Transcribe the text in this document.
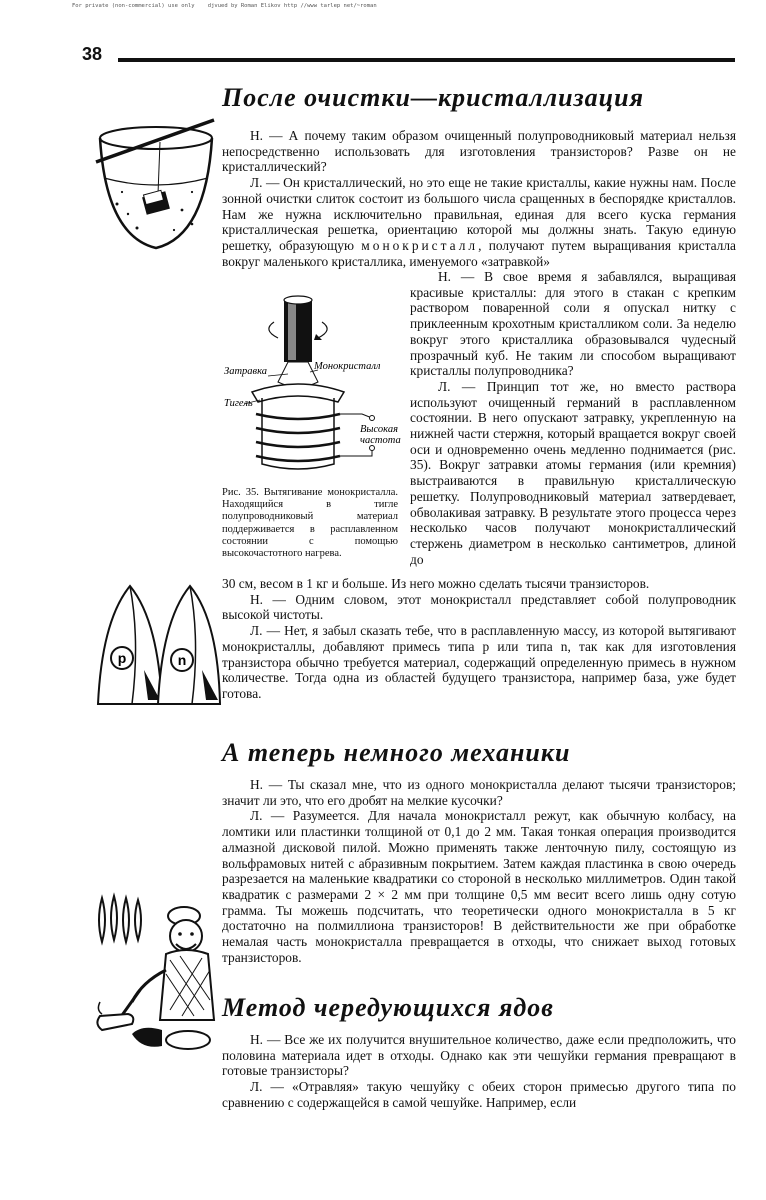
For private (non-commercial) use only    djvued by Roman Elikov http //www tarlep net/~roman
38
После очистки—кристаллизация

Н. — А почему таким образом очищенный полупроводниковый материал нельзя непосредственно использовать для изготовления транзисторов? Разве он не кристаллический?

Л. — Он кристаллический, но это еще не такие кристаллы, какие нужны нам. После зонной очистки слиток состоит из большого числа сращенных в беспорядке кристаллов. Нам же нужна исключительно правильная, единая для всего куска германия кристаллическая решетка, ориентацию которой мы должны знать. Такую единую решетку, образующую монокристалл, получают путем выращивания кристалла вокруг маленького кристаллика, именуемого «затравкой»

Затравка	Монокристалл
Тигель
Высокая
частота
Рис. 35. Вытягивание монокристалла. Находящийся в тигле полупроводниковый материал поддерживается в расплавленном состоянии с помощью высокочастотного нагрева.

Н. — В свое время я забавлялся, выращивая красивые кристаллы: для этого в стакан с крепким раствором поваренной соли я опускал нитку с приклеенным крохотным кристалликом соли. За неделю вокруг этого кристаллика образовывался чудесный прозрачный куб. Не таким ли способом выращивают кристаллы полупроводника?

Л. — Принцип тот же, но вместо раствора используют очищенный германий в расплавленном состоянии. В него опускают затравку, укрепленную на нижней части стержня, который вращается вокруг своей оси и одновременно очень медленно поднимается (рис. 35). Вокруг затравки атомы германия (или кремния) выстраиваются в правильную кристаллическую решетку. Полупроводниковый материал затвердевает, обволакивая затравку. В результате этого процесса через несколько часов получают монокристаллический стержень диаметром в несколько сантиметров, длиной до

p	n

30 см, весом в 1 кг и больше. Из него можно сделать тысячи транзисторов.

Н. — Одним словом, этот монокристалл представляет собой полупроводник высокой чистоты.

Л. — Нет, я забыл сказать тебе, что в расплавленную массу, из которой вытягивают монокристаллы, добавляют примесь типа p или типа n, так как для изготовления транзистора обычно требуется материал, содержащий определенную примесь в нужном количестве. Тогда одна из областей будущего транзистора, например база, уже будет готова.

А теперь немного механики

Н. — Ты сказал мне, что из одного монокристалла делают тысячи транзисторов; значит ли это, что его дробят на мелкие кусочки?

Л. — Разумеется. Для начала монокристалл режут, как обычную колбасу, на ломтики или пластинки толщиной от 0,1 до 2 мм. Такая тонкая операция производится алмазной дисковой пилой. Можно применять также ленточную пилу, состоящую из вольфрамовых нитей с абразивным покрытием. Затем каждая пластинка в свою очередь разрезается на маленькие квадратики со стороной в несколько миллиметров. Один такой квадратик с размерами 2 × 2 мм при толщине 0,5 мм весит всего лишь одну сотую грамма. Ты можешь подсчитать, что теоретически одного монокристалла в 5 кг достаточно на полмиллиона транзисторов! В действительности же при обработке немалая часть монокристалла превращается в отходы, что снижает выход готовых транзисторов.

Метод чередующихся ядов

Н. — Все же их получится внушительное количество, даже если предположить, что половина материала идет в отходы. Однако как эти чешуйки германия превращают в готовые транзисторы?

Л. — «Отравляя» такую чешуйку с обеих сторон примесью другого типа по сравнению с содержащейся в самой чешуйке. Например, если
